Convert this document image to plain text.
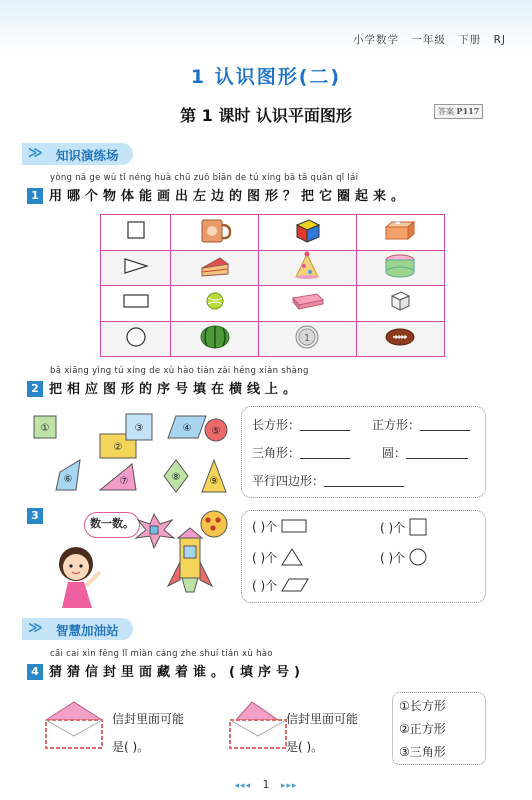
小学数学 一年级 下册 RJ
1 认识图形(二)
第 1 课时 认识平面图形	答案 P117
≫	知识演练场
yòng nǎ ge wù tǐ néng huà chū zuǒ biān de tú xíng bǎ tā quān qǐ lái
1 用哪个物体能画出左边的图形？把它圈起来。

1

bǎ xiāng yìng tú xíng de xù hào tián zài héng xiàn shàng
2 把相应图形的序号填在横线上。
①
②
③	④ ⑤
⑥	⑦	⑧	⑨
长方形：	正方形：
三角形：	圆：
平行四边形：
3
数一数。	( )个	( )个
( )个	( )个
( )个
≫	智慧加油站
cāi cai xìn fēng lǐ miàn cáng zhe shuí tián xù hào
4 猜猜信封里面藏着谁。(填序号)
信封里面可能
是( )。
信封里面可能
是( )。
①长方形
②正方形
③三角形
◂◂◂ 1 ▸▸▸
